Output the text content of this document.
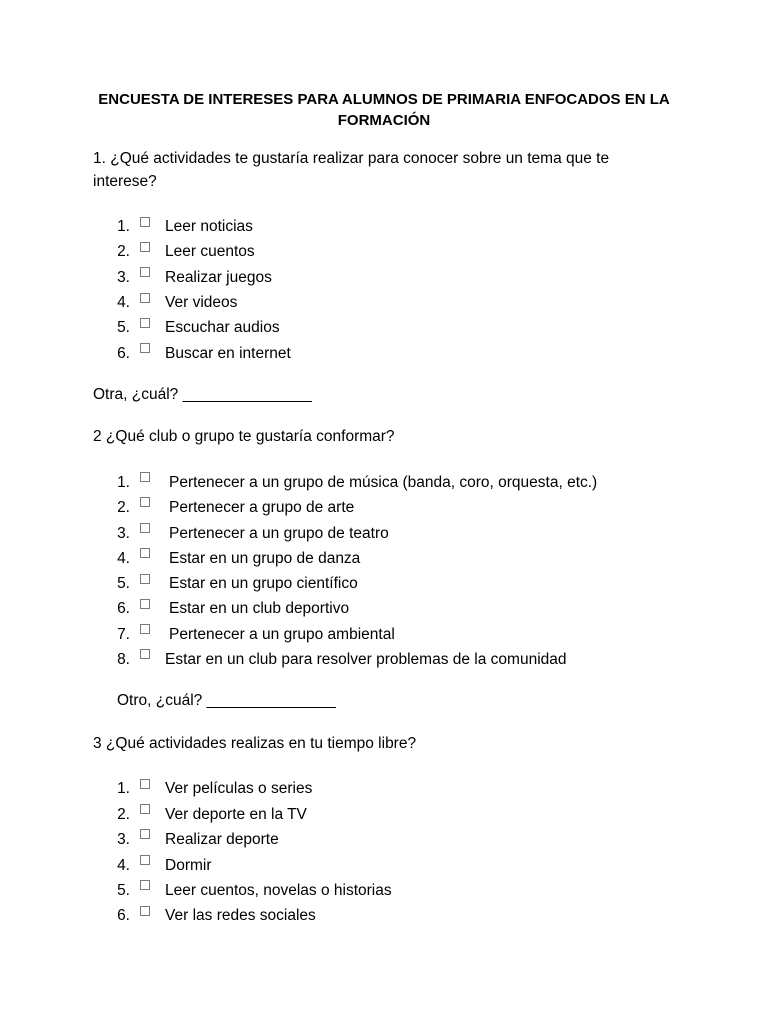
ENCUESTA DE INTERESES PARA ALUMNOS DE PRIMARIA ENFOCADOS EN LA
FORMACIÓN
1. ¿Qué actividades te gustaría realizar para conocer sobre un tema que te
interese?
1. Leer noticias
2. Leer cuentos
3. Realizar juegos
4. Ver videos
5. Escuchar audios
6. Buscar en internet
Otra, ¿cuál? _______________
2 ¿Qué club o grupo te gustaría conformar?
1.	Pertenecer a un grupo de música (banda, coro, orquesta, etc.)
2.	Pertenecer a grupo de arte
3.	Pertenecer a un grupo de teatro
4.	Estar en un grupo de danza
5.	Estar en un grupo científico
6.	Estar en un club deportivo
7.	Pertenecer a un grupo ambiental
8. Estar en un club para resolver problemas de la comunidad
Otro, ¿cuál? _______________
3 ¿Qué actividades realizas en tu tiempo libre?
1. Ver películas o series
2. Ver deporte en la TV
3. Realizar deporte
4. Dormir
5. Leer cuentos, novelas o historias
6. Ver las redes sociales
